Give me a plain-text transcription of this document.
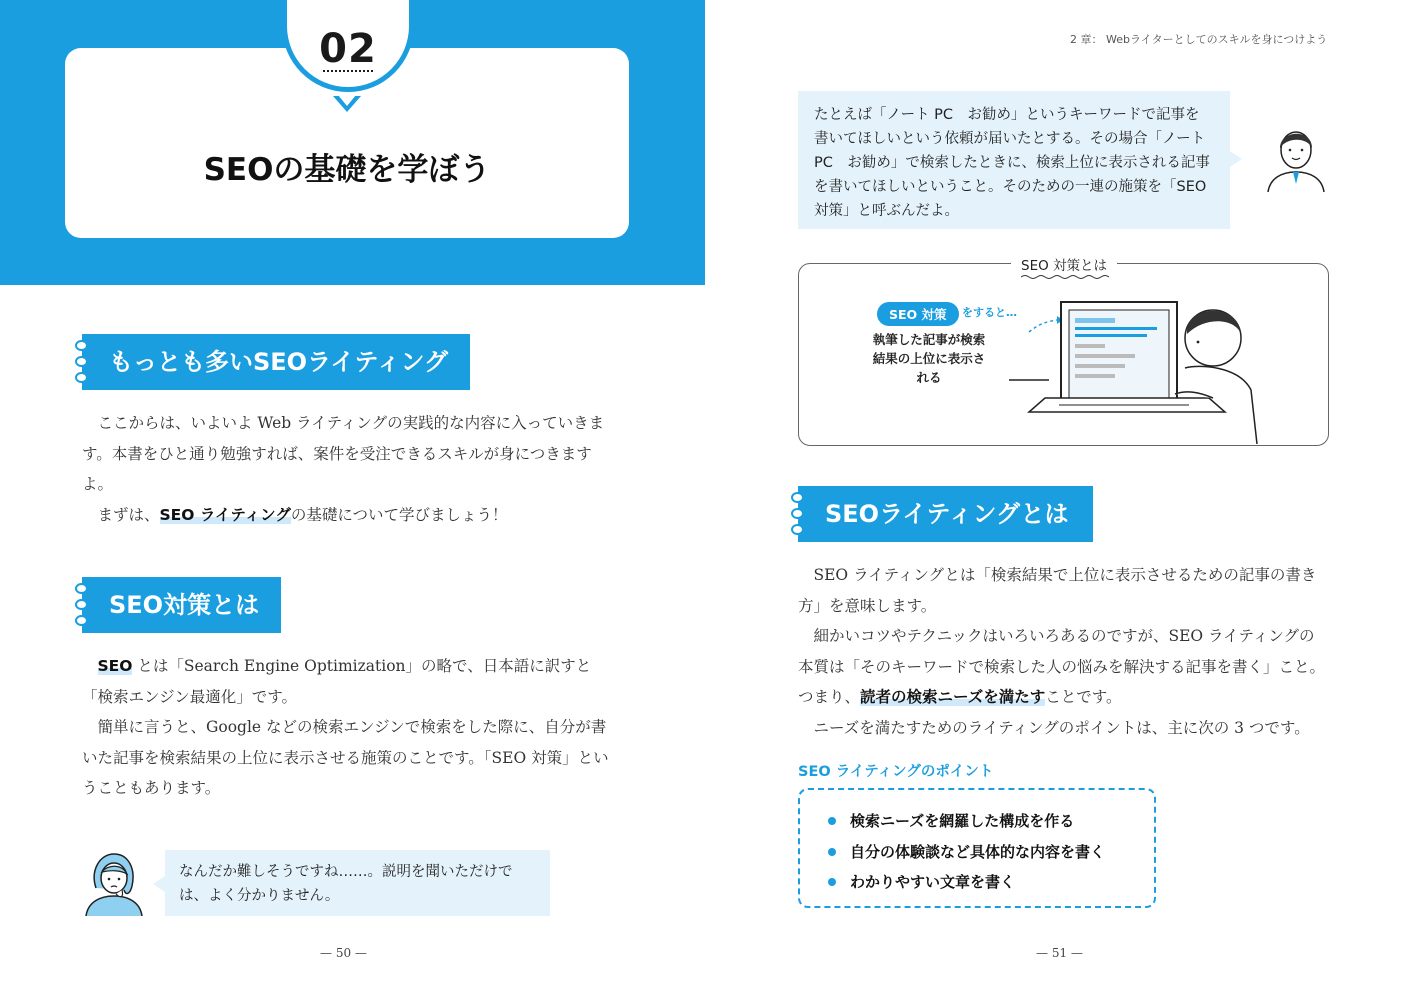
SEOの基礎を学ぼう
02
もっとも多いSEOライティング

ここからは、いよいよ Web ライティングの実践的な内容に入っていきます。本書をひと通り勉強すれば、案件を受注できるスキルが身につきますよ。

まずは、SEO ライティングの基礎について学びましょう！

SEO対策とは

SEO とは「Search Engine Optimization」の略で、日本語に訳すと「検索エンジン最適化」です。

簡単に言うと、Google などの検索エンジンで検索をした際に、自分が書いた記事を検索結果の上位に表示させる施策のことです。「SEO 対策」ということもあります。

なんだか難しそうですね……。説明を聞いただけでは、よく分かりません。
— 50 —
2 章： Webライターとしてのスキルを身につけよう
たとえば「ノート PC　お勧め」というキーワードで記事を書いてほしいという依頼が届いたとする。その場合「ノート PC　お勧め」で検索したときに、検索上位に表示される記事を書いてほしいということ。そのための一連の施策を「SEO 対策」と呼ぶんだよ。
SEO 対策とは
SEO 対策	をすると…
執筆した記事が検索結果の上位に表示される
SEOライティングとは

SEO ライティングとは「検索結果で上位に表示させるための記事の書き方」を意味します。

細かいコツやテクニックはいろいろあるのですが、SEO ライティングの本質は「そのキーワードで検索した人の悩みを解決する記事を書く」こと。つまり、読者の検索ニーズを満たすことです。

ニーズを満たすためのライティングのポイントは、主に次の 3 つです。

SEO ライティングのポイント
検索ニーズを網羅した構成を作る
自分の体験談など具体的な内容を書く
わかりやすい文章を書く
— 51 —
